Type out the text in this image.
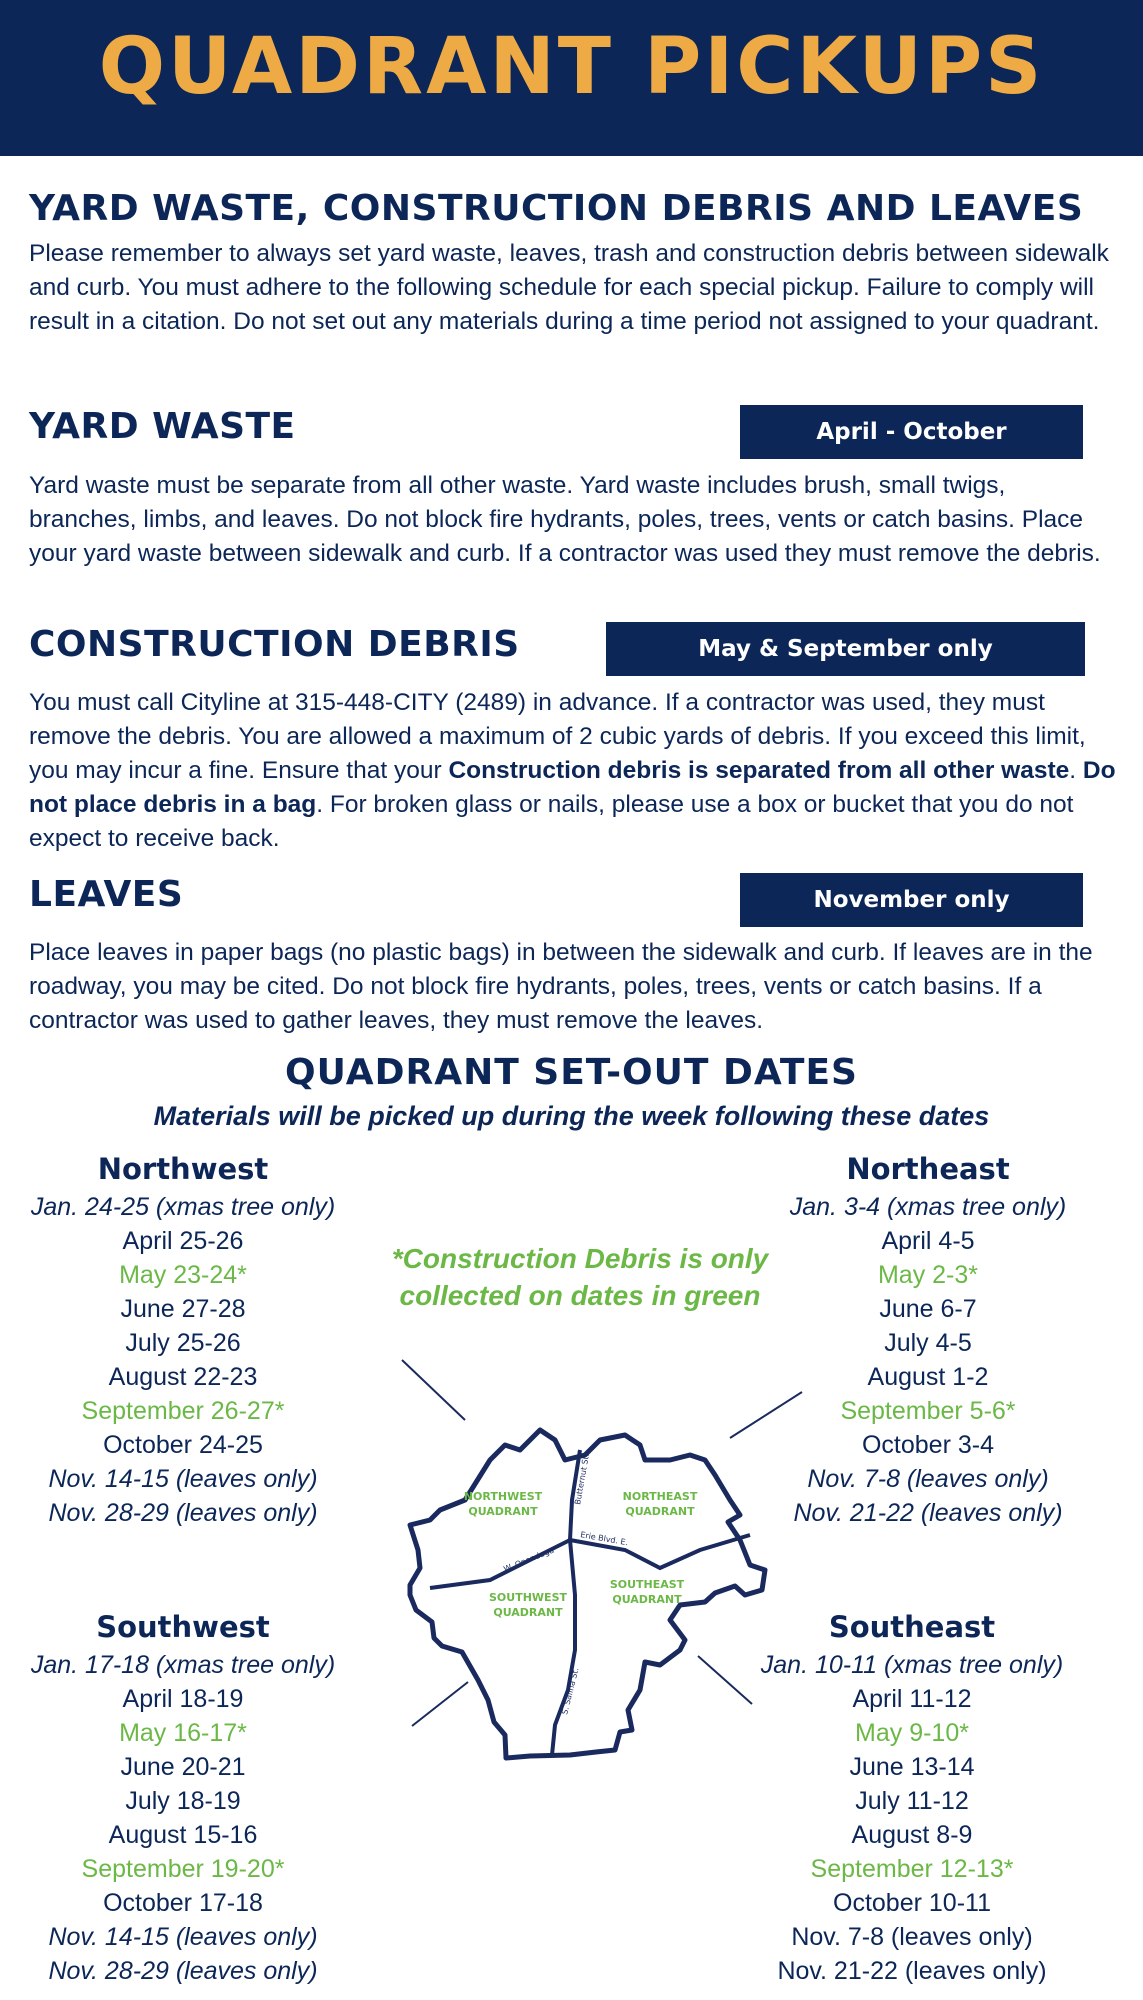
QUADRANT PICKUPS
YARD WASTE, CONSTRUCTION DEBRIS AND LEAVES
Please remember to always set yard waste, leaves, trash and construction debris between sidewalk and curb. You must adhere to the following schedule for each special pickup. Failure to comply will result in a citation. Do not set out any materials during a time period not assigned to your quadrant.
YARD WASTE	April - October
Yard waste must be separate from all other waste. Yard waste includes brush, small twigs, branches, limbs, and leaves. Do not block fire hydrants, poles, trees, vents or catch basins. Place your yard waste between sidewalk and curb. If a contractor was used they must remove the debris.
CONSTRUCTION DEBRIS	May & September only
You must call Cityline at 315-448-CITY (2489) in advance. If a contractor was used, they must remove the debris. You are allowed a maximum of 2 cubic yards of debris. If you exceed this limit, you may incur a fine. Ensure that your Construction debris is separated from all other waste. Do not place debris in a bag. For broken glass or nails, please use a box or bucket that you do not expect to receive back.
LEAVES	November only
Place leaves in paper bags (no plastic bags) in between the sidewalk and curb. If leaves are in the roadway, you may be cited. Do not block fire hydrants, poles, trees, vents or catch basins. If a contractor was used to gather leaves, they must remove the leaves.
QUADRANT SET-OUT DATES
Materials will be picked up during the week following these dates
Northwest
Jan. 24-25 (xmas tree only)
April 25-26
May 23-24*
June 27-28
July 25-26
August 22-23
September 26-27*
October 24-25
Nov. 14-15 (leaves only)
Nov. 28-29 (leaves only)
Northeast
Jan. 3-4 (xmas tree only)
April 4-5
May 2-3*
June 6-7
July 4-5
August 1-2
September 5-6*
October 3-4
Nov. 7-8 (leaves only)
Nov. 21-22 (leaves only)
Southwest
Jan. 17-18 (xmas tree only)
April 18-19
May 16-17*
June 20-21
July 18-19
August 15-16
September 19-20*
October 17-18
Nov. 14-15 (leaves only)
Nov. 28-29 (leaves only)
Southeast
Jan. 10-11 (xmas tree only)
April 11-12
May 9-10*
June 13-14
July 11-12
August 8-9
September 12-13*
October 10-11
Nov. 7-8 (leaves only)
Nov. 21-22 (leaves only)
*Construction Debris is only
collected on dates in green
NORTHWEST
QUADRANT
NORTHEAST
QUADRANT
SOUTHWEST
QUADRANT
SOUTHEAST
QUADRANT
Butternut St.
Erie Blvd. E.
W. Onondaga
S. Salina St.
